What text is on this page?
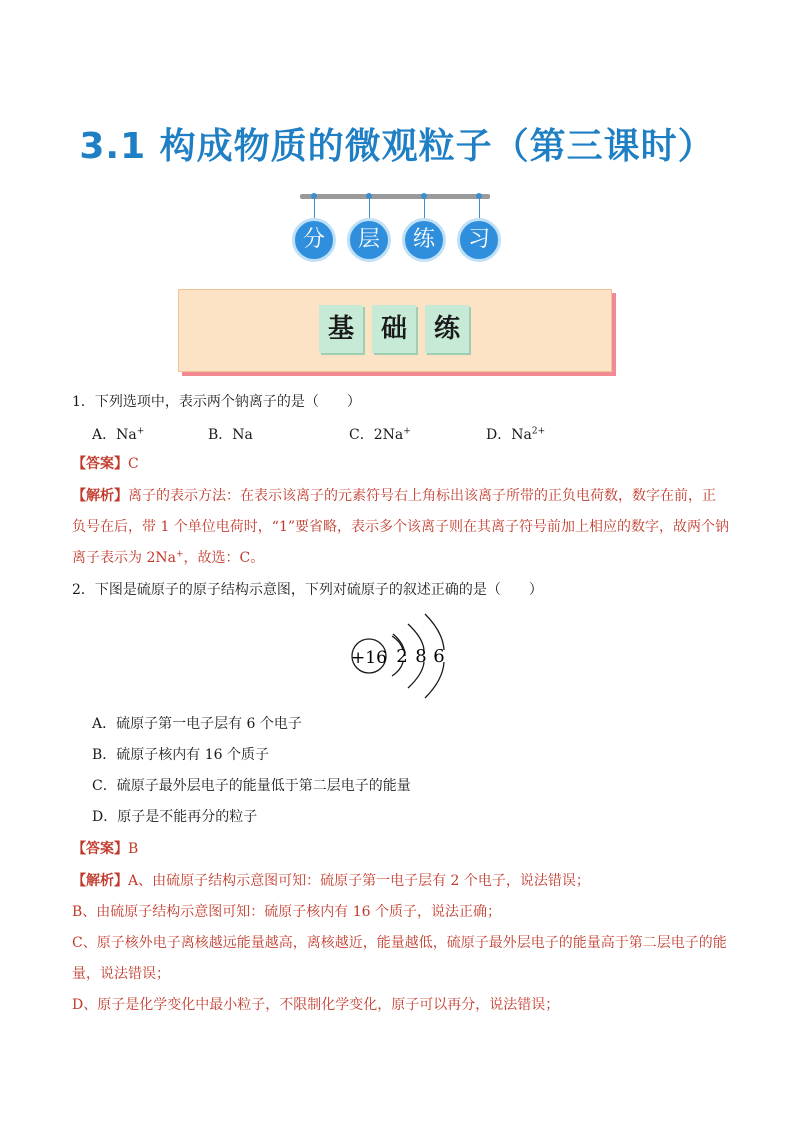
3.1 构成物质的微观粒子（第三课时）
分	层	练	习
基	础	练
1．下列选项中，表示两个钠离子的是（　　）
A．Na+	B．Na	C．2Na+	D．$Na^{2+}$
【答案】C
【解析】离子的表示方法：在表示该离子的元素符号右上角标出该离子所带的正负电荷数，数字在前，正
负号在后，带 1 个单位电荷时，“1”要省略，表示多个该离子则在其离子符号前加上相应的数字，故两个钠
离子表示为 2Na+，故选：C。
2．下图是硫原子的原子结构示意图，下列对硫原子的叙述正确的是（　　）
+16 2 8 6
A．硫原子第一电子层有 6 个电子
B．硫原子核内有 16 个质子
C．硫原子最外层电子的能量低于第二层电子的能量
D．原子是不能再分的粒子
【答案】B
【解析】A、由硫原子结构示意图可知：硫原子第一电子层有 2 个电子，说法错误；
B、由硫原子结构示意图可知：硫原子核内有 16 个质子，说法正确；
C、原子核外电子离核越远能量越高，离核越近，能量越低，硫原子最外层电子的能量高于第二层电子的能
量，说法错误；
D、原子是化学变化中最小粒子，不限制化学变化，原子可以再分，说法错误；
